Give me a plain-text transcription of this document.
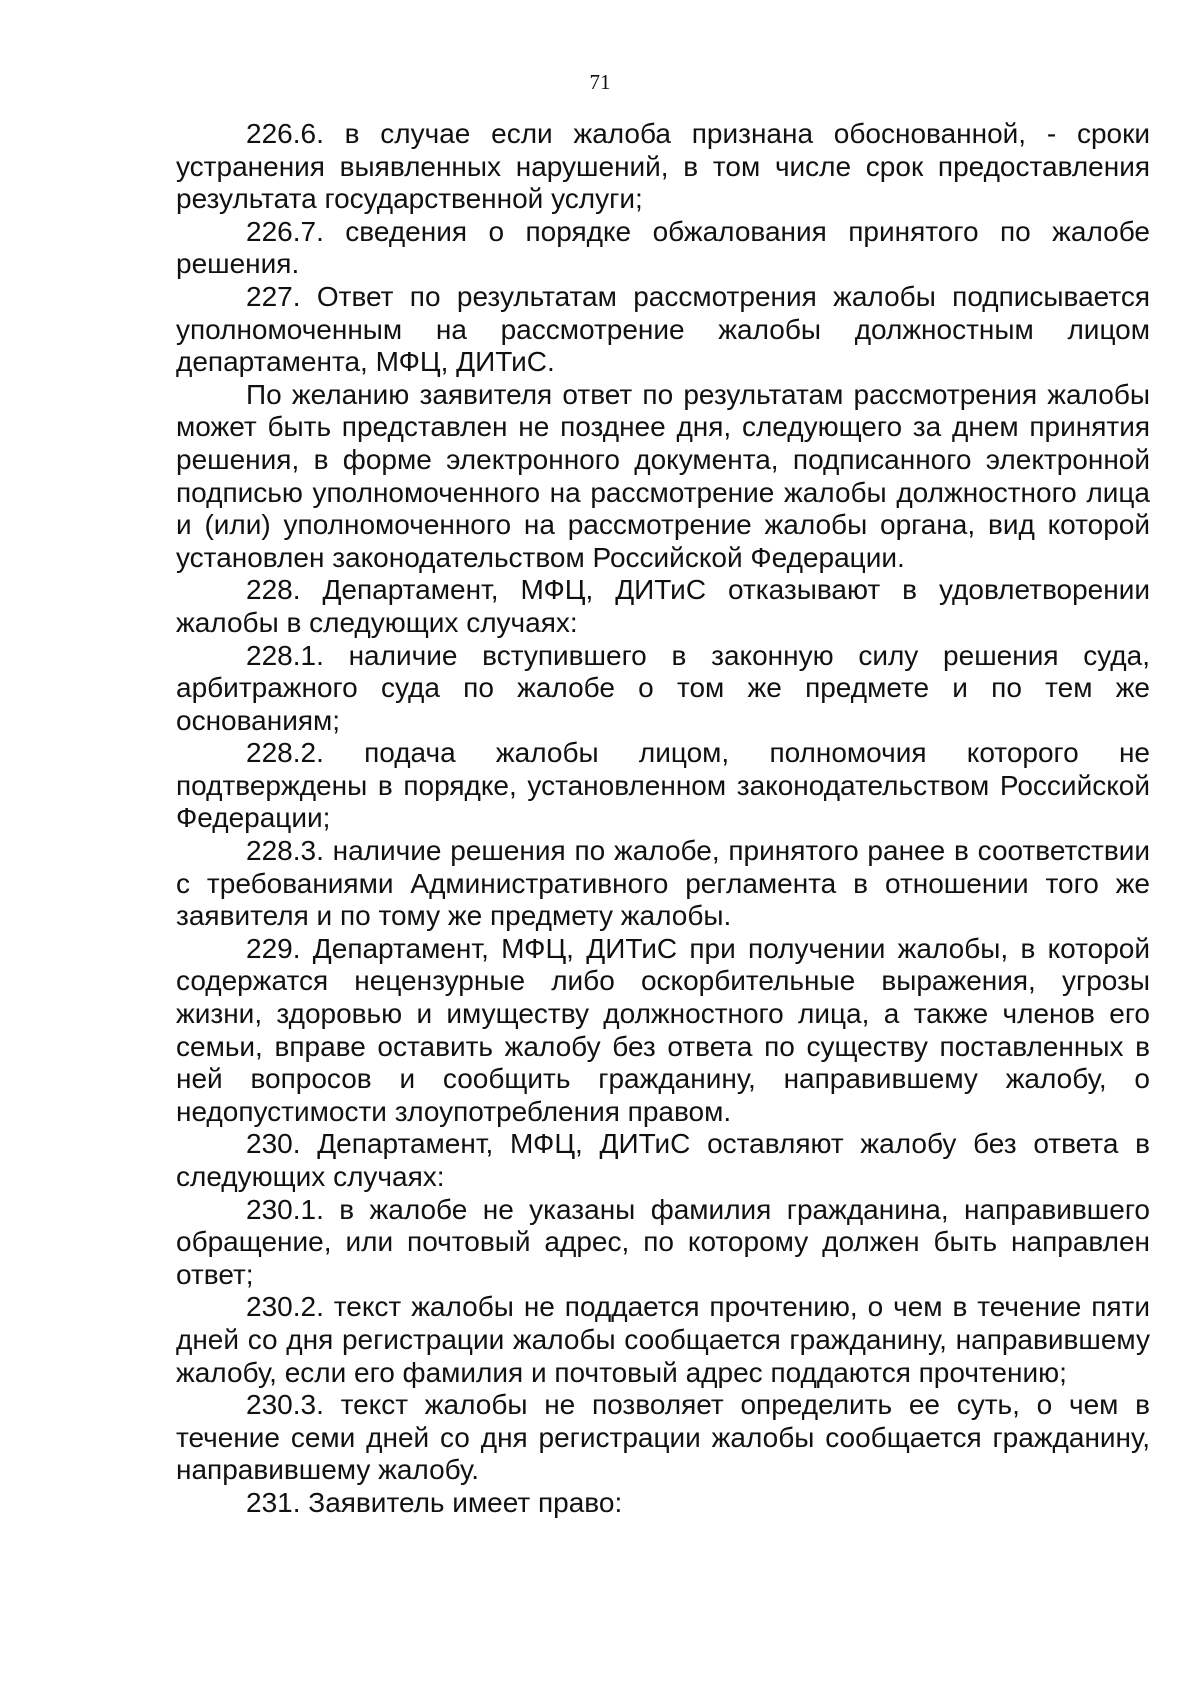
71

226.6. в случае если жалоба признана обоснованной, - сроки устранения выявленных нарушений, в том числе срок предоставления результата государственной услуги;

226.7. сведения о порядке обжалования принятого по жалобе решения.

227. Ответ по результатам рассмотрения жалобы подписывается уполномоченным на рассмотрение жалобы должностным лицом департамента, МФЦ, ДИТиС.

По желанию заявителя ответ по результатам рассмотрения жалобы может быть представлен не позднее дня, следующего за днем принятия решения, в форме электронного документа, подписанного электронной подписью уполномоченного на рассмотрение жалобы должностного лица и (или) уполномоченного на рассмотрение жалобы органа, вид которой установлен законодательством Российской Федерации.

228. Департамент, МФЦ, ДИТиС отказывают в удовлетворении жалобы в следующих случаях:

228.1. наличие вступившего в законную силу решения суда, арбитражного суда по жалобе о том же предмете и по тем же основаниям;

228.2. подача жалобы лицом, полномочия которого не подтверждены в порядке, установленном законодательством Российской Федерации;

228.3. наличие решения по жалобе, принятого ранее в соответствии с требованиями Административного регламента в отношении того же заявителя и по тому же предмету жалобы.

229. Департамент, МФЦ, ДИТиС при получении жалобы, в которой содержатся нецензурные либо оскорбительные выражения, угрозы жизни, здоровью и имуществу должностного лица, а также членов его семьи, вправе оставить жалобу без ответа по существу поставленных в ней вопросов и сообщить гражданину, направившему жалобу, о недопустимости злоупотребления правом.

230. Департамент, МФЦ, ДИТиС оставляют жалобу без ответа в следующих случаях:

230.1. в жалобе не указаны фамилия гражданина, направившего обращение, или почтовый адрес, по которому должен быть направлен ответ;

230.2. текст жалобы не поддается прочтению, о чем в течение пяти дней со дня регистрации жалобы сообщается гражданину, направившему жалобу, если его фамилия и почтовый адрес поддаются прочтению;

230.3. текст жалобы не позволяет определить ее суть, о чем в течение семи дней со дня регистрации жалобы сообщается гражданину, направившему жалобу.

231. Заявитель имеет право:
